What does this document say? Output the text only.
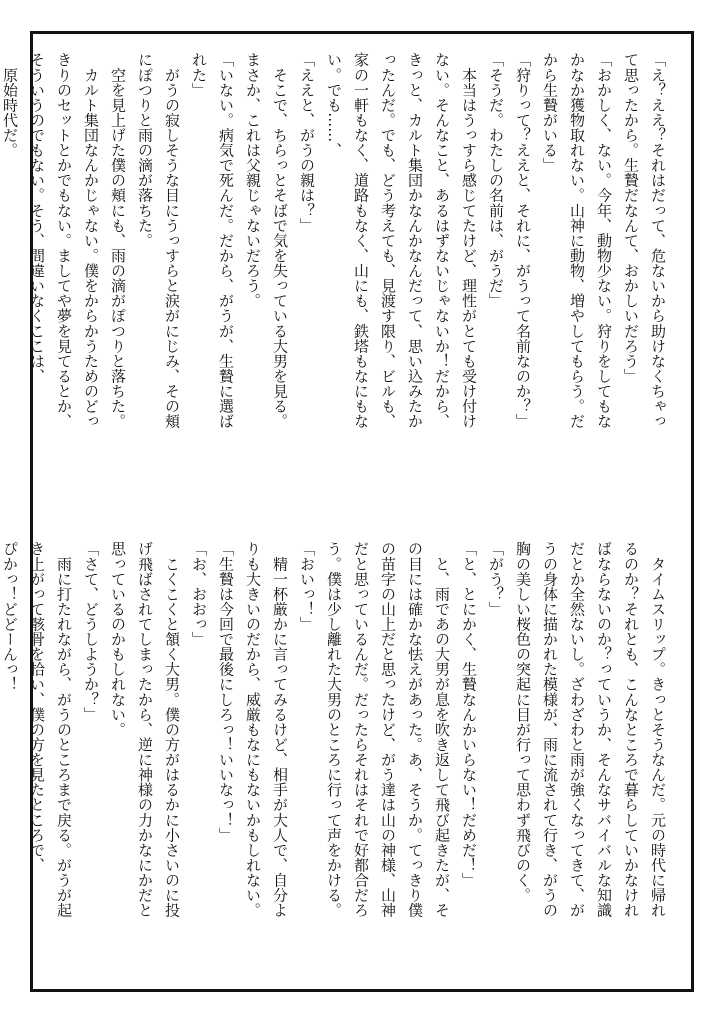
「え？ええ？それはだって、危ないから助けなくちゃっ

て思ったから。生贄だなんて、おかしいだろう」

「おかしく、ない。今年、動物少ない。狩りをしてもな

かなか獲物取れない。山神に動物、増やしてもらう。だ

から生贄がいる」

「狩りって？ええと、それに、がうって名前なのか？」

「そうだ。わたしの名前は、がうだ」

　本当はうっすら感じてたけど、理性がとても受け付け

ない。そんなこと、あるはずないじゃないか！だから、

きっと、カルト集団かなんかなんだって、思い込みたか

ったんだ。でも、どう考えても、見渡す限り、ビルも、

家の一軒もなく、道路もなく、山にも、鉄塔もなにもな

い。でも……、

「ええと、がうの親は？」

　そこで、ちらっとそばで気を失っている大男を見る。

まさか、これは父親じゃないだろう。

「いない。病気で死んだ。だから、がうが、生贄に選ば

れた」

　がうの寂しそうな目にうっすらと涙がにじみ、その頬

にぽつりと雨の滴が落ちた。

　空を見上げた僕の頬にも、雨の滴がぽつりと落ちた。

　カルト集団なんかじゃない。僕をからかうためのどっ

きりのセットとかでもない。ましてや夢を見てるとか、

そういうのでもない。そう、間違いなくここは、

　原始時代だ。

　タイムスリップ。きっとそうなんだ。元の時代に帰れ

るのか？それとも、こんなところで暮らしていかなけれ

ばならないのか？っていうか、そんなサバイバルな知識

だとか全然ないし。ざわざわと雨が強くなってきて、が

うの身体に描かれた模様が、雨に流されて行き、がうの

胸の美しい桜色の突起に目が行って思わず飛びのく。

「がう？」

「と、とにかく、生贄なんかいらない！だめだ！」

　と、雨であの大男が息を吹き返して飛び起きたが、そ

の目には確かな怯えがあった。あ、そうか。てっきり僕

の苗字の山上だと思ったけど、がう達は山の神様、山神

だと思っているんだ。だったらそれはそれで好都合だろ

う。僕は少し離れた大男のところに行って声をかける。

「おいっ！」

　精一杯厳かに言ってみるけど、相手が大人で、自分よ

りも大きいのだから、威厳もなにもないかもしれない。

「生贄は今回で最後にしろっ！いいなっ！」

「お、おおっ」

　こくこくと頷く大男。僕の方がはるかに小さいのに投

げ飛ばされてしまったから、逆に神様の力かなにかだと

思っているのかもしれない。

「さて、どうしようか？」

　雨に打たれながら、がうのところまで戻る。がうが起

き上がって骸骨を拾い、僕の方を見たところで、

ぴかっ！どどーんっ！
